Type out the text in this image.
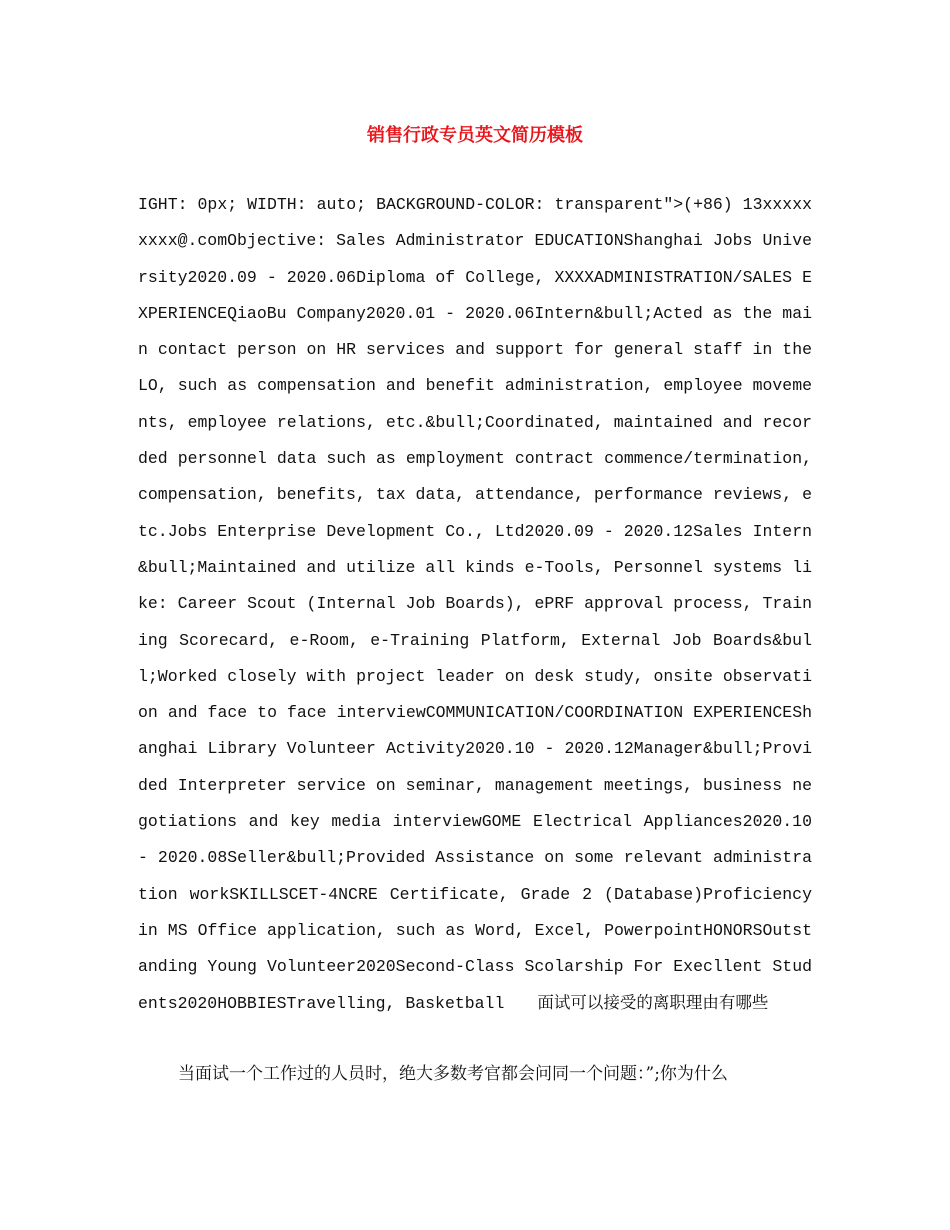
销售行政专员英文简历模板

IGHT: 0px; WIDTH: auto; BACKGROUND-COLOR: transparent">(+86) 13xxxxxxxxx@.comObjective: Sales Administrator EDUCATIONShanghai Jobs University2020.09 - 2020.06Diploma of College, XXXXADMINISTRATION/SALES EXPERIENCEQiaoBu Company2020.01 - 2020.06Intern&bull;Acted as the main contact person on HR services and support for general staff in the LO, such as compensation and benefit administration, employee movements, employee relations, etc.&bull;Coordinated, maintained and recorded personnel data such as employment contract commence/termination, compensation, benefits, tax data, attendance, performance reviews, etc.Jobs Enterprise Development Co., Ltd2020.09 - 2020.12Sales Intern&bull;Maintained and utilize all kinds e-Tools, Personnel systems like: Career Scout (Internal Job Boards), ePRF approval process, Training Scorecard, e-Room, e-Training Platform, External Job Boards&bull;Worked closely with project leader on desk study, onsite observation and face to face interviewCOMMUNICATION/COORDINATION EXPERIENCEShanghai Library Volunteer Activity2020.10 - 2020.12Manager&bull;Provided Interpreter service on seminar, management meetings, business negotiations and key media interviewGOME Electrical Appliances2020.10 - 2020.08Seller&bull;Provided Assistance on some relevant administration workSKILLSCET-4NCRE Certificate, Grade 2 (Database)Proficiency in MS Office application, such as Word, Excel, PowerpointHONORSOutstanding Young Volunteer2020Second-Class Scolarship For Execllent Students2020HOBBIESTravelling, Basketball　　面试可以接受的离职理由有哪些

当面试一个工作过的人员时，绝大多数考官都会问同一个问题：”;你为什么
